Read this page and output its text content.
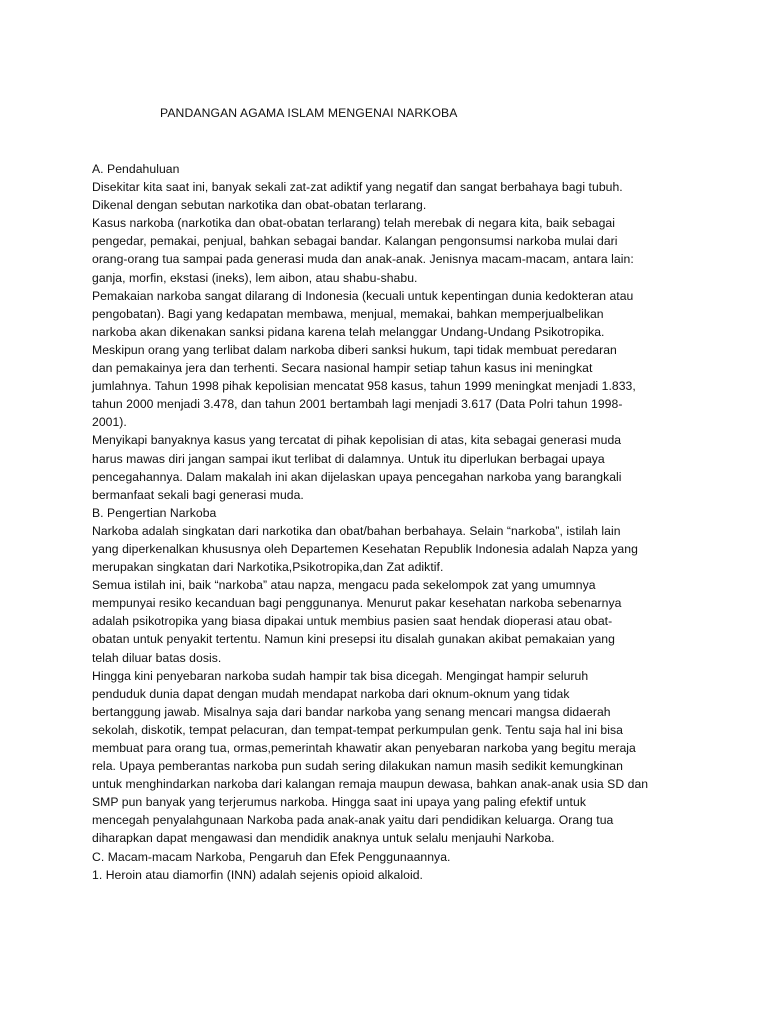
PANDANGAN AGAMA ISLAM MENGENAI NARKOBA
A. Pendahuluan
Disekitar kita saat ini, banyak sekali zat-zat adiktif yang negatif dan sangat berbahaya bagi tubuh.
Dikenal dengan sebutan narkotika dan obat-obatan terlarang.
Kasus narkoba (narkotika dan obat-obatan terlarang) telah merebak di negara kita, baik sebagai
pengedar, pemakai, penjual, bahkan sebagai bandar. Kalangan pengonsumsi narkoba mulai dari
orang-orang tua sampai pada generasi muda dan anak-anak. Jenisnya macam-macam, antara lain:
ganja, morfin, ekstasi (ineks), lem aibon, atau shabu-shabu.
Pemakaian narkoba sangat dilarang di Indonesia (kecuali untuk kepentingan dunia kedokteran atau
pengobatan). Bagi yang kedapatan membawa, menjual, memakai, bahkan memperjualbelikan
narkoba akan dikenakan sanksi pidana karena telah melanggar Undang-Undang Psikotropika.
Meskipun orang yang terlibat dalam narkoba diberi sanksi hukum, tapi tidak membuat peredaran
dan pemakainya jera dan terhenti. Secara nasional hampir setiap tahun kasus ini meningkat
jumlahnya. Tahun 1998 pihak kepolisian mencatat 958 kasus, tahun 1999 meningkat menjadi 1.833,
tahun 2000 menjadi 3.478, dan tahun 2001 bertambah lagi menjadi 3.617 (Data Polri tahun 1998-
2001).
Menyikapi banyaknya kasus yang tercatat di pihak kepolisian di atas, kita sebagai generasi muda
harus mawas diri jangan sampai ikut terlibat di dalamnya. Untuk itu diperlukan berbagai upaya
pencegahannya. Dalam makalah ini akan dijelaskan upaya pencegahan narkoba yang barangkali
bermanfaat sekali bagi generasi muda.
B. Pengertian Narkoba
Narkoba adalah singkatan dari narkotika dan obat/bahan berbahaya. Selain “narkoba”, istilah lain
yang diperkenalkan khususnya oleh Departemen Kesehatan Republik Indonesia adalah Napza yang
merupakan singkatan dari Narkotika,Psikotropika,dan Zat adiktif.
Semua istilah ini, baik “narkoba” atau napza, mengacu pada sekelompok zat yang umumnya
mempunyai resiko kecanduan bagi penggunanya. Menurut pakar kesehatan narkoba sebenarnya
adalah psikotropika yang biasa dipakai untuk membius pasien saat hendak dioperasi atau obat-
obatan untuk penyakit tertentu. Namun kini presepsi itu disalah gunakan akibat pemakaian yang
telah diluar batas dosis.
Hingga kini penyebaran narkoba sudah hampir tak bisa dicegah. Mengingat hampir seluruh
penduduk dunia dapat dengan mudah mendapat narkoba dari oknum-oknum yang tidak
bertanggung jawab. Misalnya saja dari bandar narkoba yang senang mencari mangsa didaerah
sekolah, diskotik, tempat pelacuran, dan tempat-tempat perkumpulan genk. Tentu saja hal ini bisa
membuat para orang tua, ormas,pemerintah khawatir akan penyebaran narkoba yang begitu meraja
rela. Upaya pemberantas narkoba pun sudah sering dilakukan namun masih sedikit kemungkinan
untuk menghindarkan narkoba dari kalangan remaja maupun dewasa, bahkan anak-anak usia SD dan
SMP pun banyak yang terjerumus narkoba. Hingga saat ini upaya yang paling efektif untuk
mencegah penyalahgunaan Narkoba pada anak-anak yaitu dari pendidikan keluarga. Orang tua
diharapkan dapat mengawasi dan mendidik anaknya untuk selalu menjauhi Narkoba.
C. Macam-macam Narkoba, Pengaruh dan Efek Penggunaannya.
1. Heroin atau diamorfin (INN) adalah sejenis opioid alkaloid.
